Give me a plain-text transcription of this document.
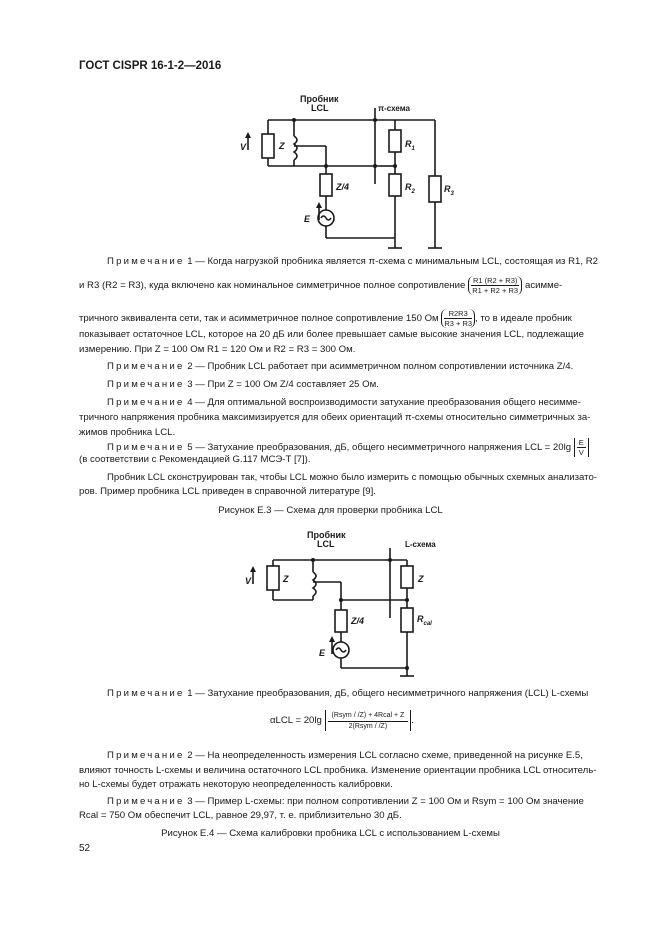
ГОСТ CISPR 16-1-2—2016
Пробник
LCL	π-схема
V	Z
Z/4
E
$R_1$
$R_2$	$R_3$
Примечание 1 — Когда нагрузкой пробника является π-схема с минимальным LCL, состоящая из R1, R2
и R3 (R2 = R3), куда включено как номинальное симметричное полное сопротивление $\frac{R1 (R2 + R3)}{R1 + R2 + R3}$ асимме-
тричного эквивалента сети, так и асимметричное полное сопротивление 150 Ом $\frac{R2R3}{R3 + R3}$ , то в идеале пробник
показывает остаточное LCL, которое на 20 дБ или более превышает самые высокие значения LCL, подлежащие
измерению. При Z = 100 Ом R1 = 120 Ом и R2 = R3 = 300 Ом.
Примечание 2 — Пробник LCL работает при асимметричном полном сопротивлении источника Z/4.
Примечание 3 — При Z = 100 Ом Z/4 составляет 25 Ом.
Примечание 4 — Для оптимальной воспроизводимости затухание преобразования общего несимме-
тричного напряжения пробника максимизируется для обеих ориентаций π-схемы относительно симметричных за-
жимов пробника LCL.
Примечание 5 — Затухание преобразования, дБ, общего несимметричного напряжения LCL = $20\lg \frac{E}{V}$
(в соответствии с Рекомендацией G.117 МСЭ-Т [7]).
Пробник LCL сконструирован так, чтобы LCL можно было измерить с помощью обычных схемных анализато-
ров. Пример пробника LCL приведен в справочной литературе [9].
Рисунок Е.3 — Схема для проверки пробника LCL
Пробник
LCL	L-схема
V	Z	Z
Z/4
E
$R_{cal}$
Примечание 1 — Затухание преобразования, дБ, общего несимметричного напряжения (LCL) L-схемы
$\alpha LCL = 20\lg \frac{\text{(Rsym / /Z) + 4Rcal + Z}}{\text{2(Rsym / /Z)}}$ .
Примечание 2 — На неопределенность измерения LCL согласно схеме, приведенной на рисунке Е.5,
влияют точность L-схемы и величина остаточного LCL пробника. Изменение ориентации пробника LCL относитель-
но L-схемы будет отражать некоторую неопределенность калибровки.
Примечание 3 — Пример L-схемы: при полном сопротивлении Z = 100 Ом и Rsym = 100 Ом значение
Rcal = 750 Ом обеспечит LCL, равное 29,97, т. е. приблизительно 30 дБ.
Рисунок Е.4 — Схема калибровки пробника LCL с использованием L-схемы
52
